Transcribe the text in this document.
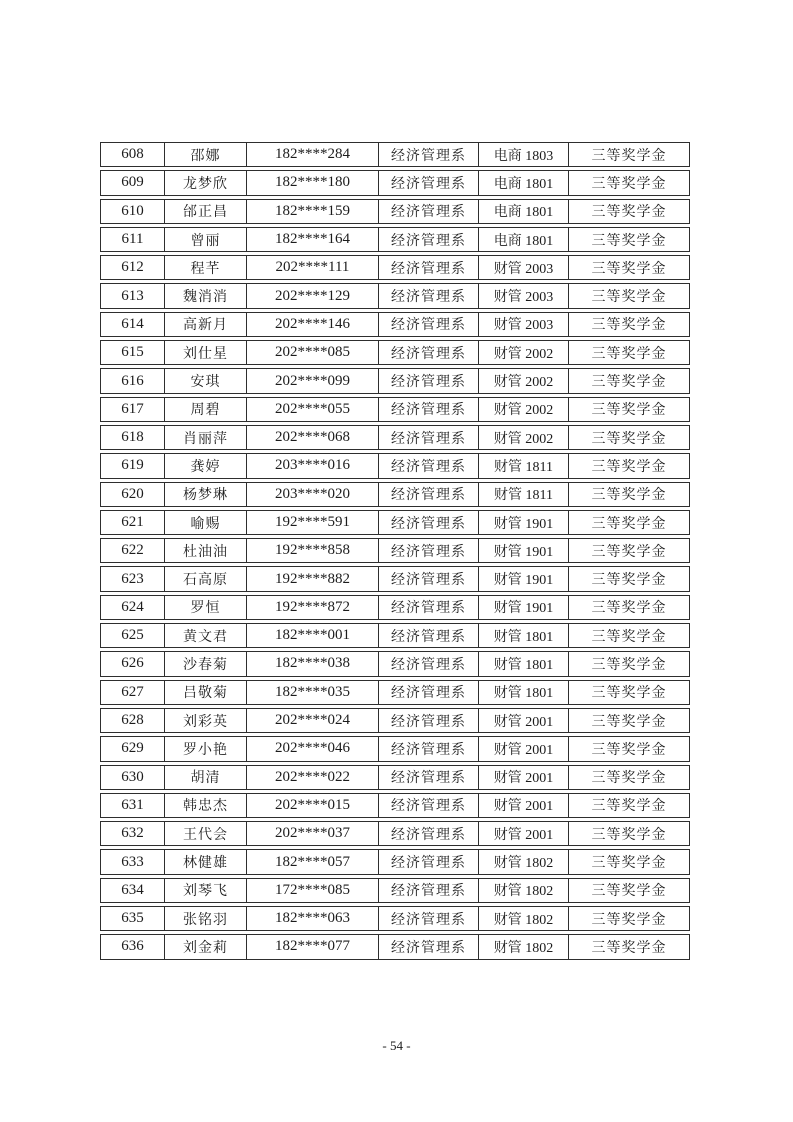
608	邵娜	182****284	经济管理系	电商 1803	三等奖学金
609	龙梦欣	182****180	经济管理系	电商 1801	三等奖学金
610	邰正昌	182****159	经济管理系	电商 1801	三等奖学金
611	曾丽	182****164	经济管理系	电商 1801	三等奖学金
612	程芊	202****111	经济管理系	财管 2003	三等奖学金
613	魏消消	202****129	经济管理系	财管 2003	三等奖学金
614	高新月	202****146	经济管理系	财管 2003	三等奖学金
615	刘仕星	202****085	经济管理系	财管 2002	三等奖学金
616	安琪	202****099	经济管理系	财管 2002	三等奖学金
617	周碧	202****055	经济管理系	财管 2002	三等奖学金
618	肖丽萍	202****068	经济管理系	财管 2002	三等奖学金
619	龚婷	203****016	经济管理系	财管 1811	三等奖学金
620	杨梦琳	203****020	经济管理系	财管 1811	三等奖学金
621	喻赐	192****591	经济管理系	财管 1901	三等奖学金
622	杜油油	192****858	经济管理系	财管 1901	三等奖学金
623	石高原	192****882	经济管理系	财管 1901	三等奖学金
624	罗恒	192****872	经济管理系	财管 1901	三等奖学金
625	黄文君	182****001	经济管理系	财管 1801	三等奖学金
626	沙春菊	182****038	经济管理系	财管 1801	三等奖学金
627	吕敬菊	182****035	经济管理系	财管 1801	三等奖学金
628	刘彩英	202****024	经济管理系	财管 2001	三等奖学金
629	罗小艳	202****046	经济管理系	财管 2001	三等奖学金
630	胡清	202****022	经济管理系	财管 2001	三等奖学金
631	韩忠杰	202****015	经济管理系	财管 2001	三等奖学金
632	王代会	202****037	经济管理系	财管 2001	三等奖学金
633	林健雄	182****057	经济管理系	财管 1802	三等奖学金
634	刘琴飞	172****085	经济管理系	财管 1802	三等奖学金
635	张铭羽	182****063	经济管理系	财管 1802	三等奖学金
636	刘金莉	182****077	经济管理系	财管 1802	三等奖学金
- 54 -
